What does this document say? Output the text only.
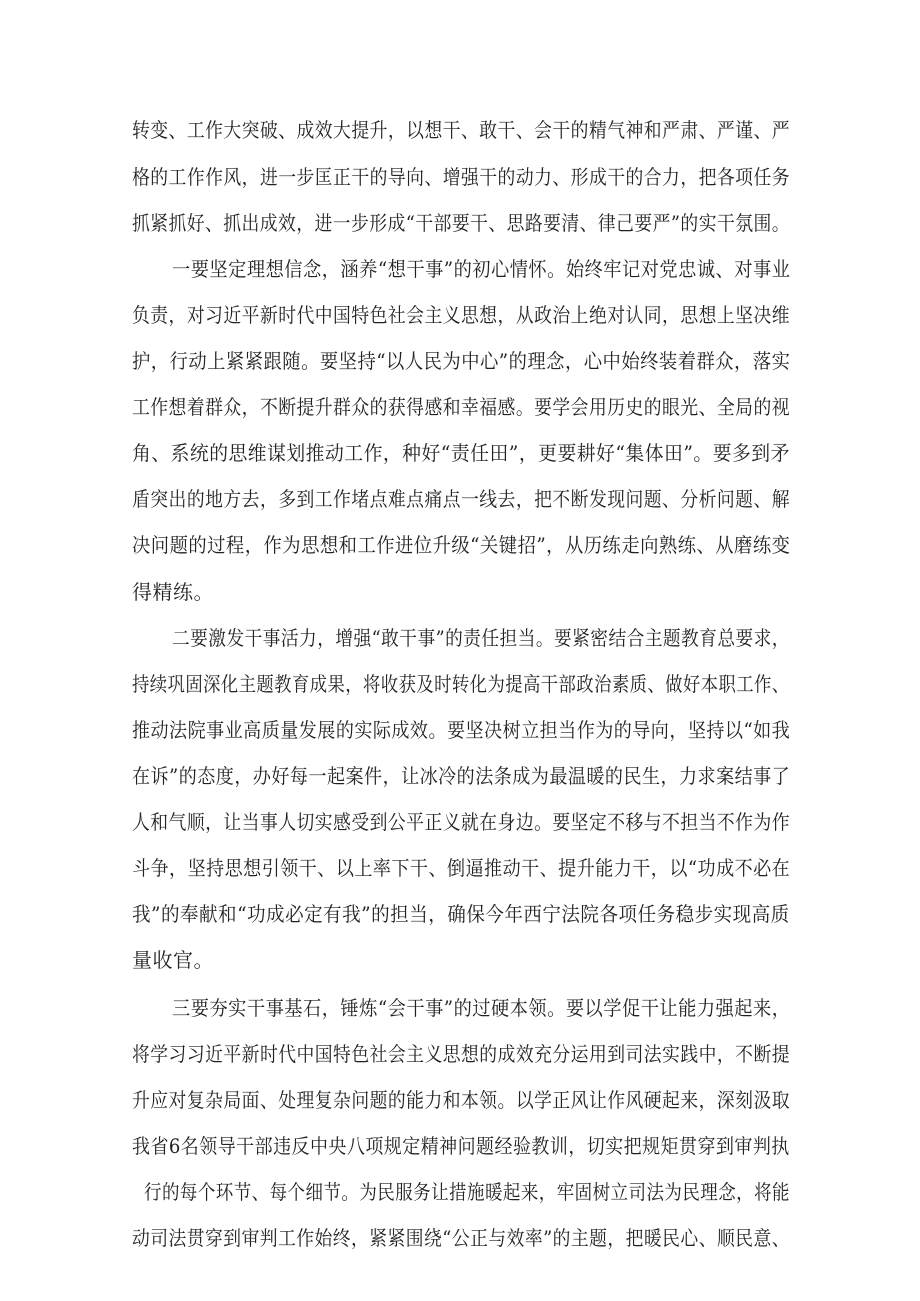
转变、工作大突破、成效大提升，以想干、敢干、会干的精气神和严肃、严谨、严
格的工作作风，进一步匡正干的导向、增强干的动力、形成干的合力，把各项任务
抓紧抓好、抓出成效，进一步形成“干部要干、思路要清、律己要严”的实干氛围。
一要坚定理想信念，涵养“想干事”的初心情怀。始终牢记对党忠诚、对事业
负责，对习近平新时代中国特色社会主义思想，从政治上绝对认同，思想上坚决维
护，行动上紧紧跟随。要坚持“以人民为中心”的理念，心中始终装着群众，落实
工作想着群众，不断提升群众的获得感和幸福感。要学会用历史的眼光、全局的视
角、系统的思维谋划推动工作，种好“责任田”，更要耕好“集体田”。要多到矛
盾突出的地方去，多到工作堵点难点痛点一线去，把不断发现问题、分析问题、解
决问题的过程，作为思想和工作进位升级“关键招”，从历练走向熟练、从磨练变
得精练。
二要激发干事活力，增强“敢干事”的责任担当。要紧密结合主题教育总要求，
持续巩固深化主题教育成果，将收获及时转化为提高干部政治素质、做好本职工作、
推动法院事业高质量发展的实际成效。要坚决树立担当作为的导向，坚持以“如我
在诉”的态度，办好每一起案件，让冰冷的法条成为最温暖的民生，力求案结事了
人和气顺，让当事人切实感受到公平正义就在身边。要坚定不移与不担当不作为作
斗争，坚持思想引领干、以上率下干、倒逼推动干、提升能力干，以“功成不必在
我”的奉献和“功成必定有我”的担当，确保今年西宁法院各项任务稳步实现高质
量收官。
三要夯实干事基石，锤炼“会干事”的过硬本领。要以学促干让能力强起来，
将学习习近平新时代中国特色社会主义思想的成效充分运用到司法实践中，不断提
升应对复杂局面、处理复杂问题的能力和本领。以学正风让作风硬起来，深刻汲取
我省6名领导干部违反中央八项规定精神问题经验教训，切实把规矩贯穿到审判执
行的每个环节、每个细节。为民服务让措施暖起来，牢固树立司法为民理念，将能
动司法贯穿到审判工作始终，紧紧围绕“公正与效率”的主题，把暖民心、顺民意、
